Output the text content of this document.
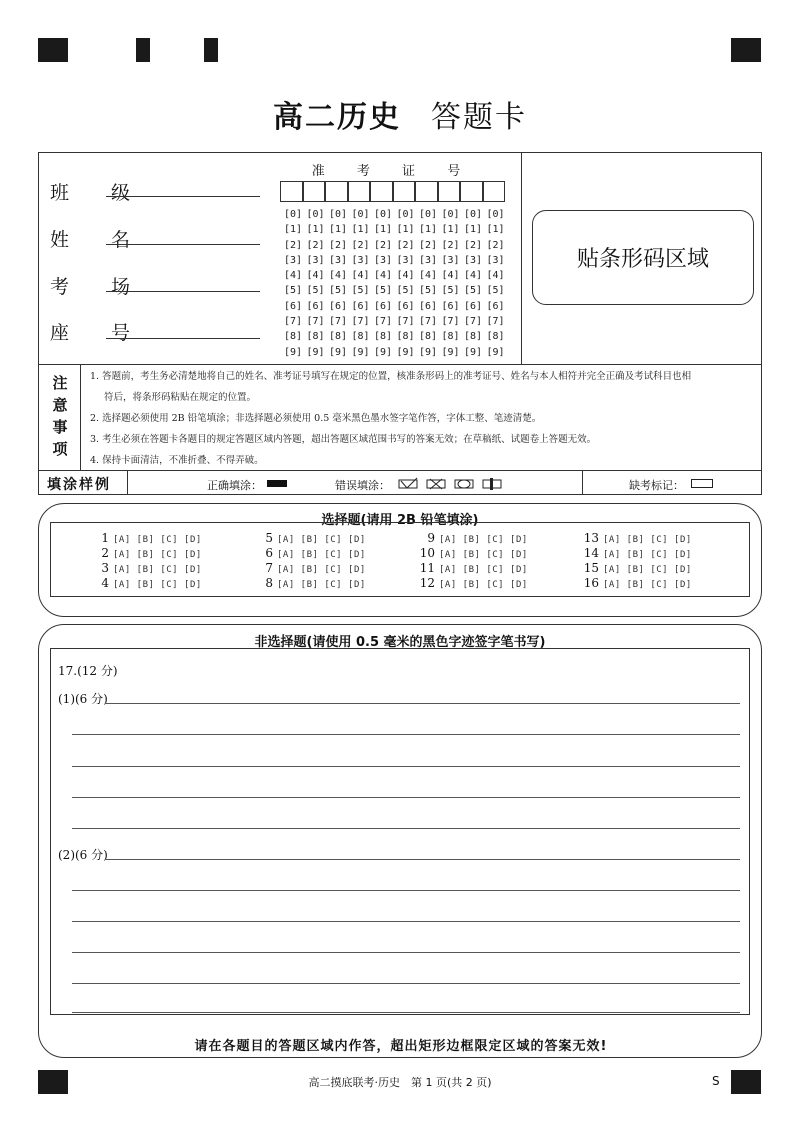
高二历史 答题卡
班 级
姓 名
考 场
座 号
准 考 证 号
[0] [0] [0] [0] [0] [0] [0] [0] [0] [0]
[1] [1] [1] [1] [1] [1] [1] [1] [1] [1]
[2] [2] [2] [2] [2] [2] [2] [2] [2] [2]
[3] [3] [3] [3] [3] [3] [3] [3] [3] [3]
[4] [4] [4] [4] [4] [4] [4] [4] [4] [4]
[5] [5] [5] [5] [5] [5] [5] [5] [5] [5]
[6] [6] [6] [6] [6] [6] [6] [6] [6] [6]
[7] [7] [7] [7] [7] [7] [7] [7] [7] [7]
[8] [8] [8] [8] [8] [8] [8] [8] [8] [8]
[9] [9] [9] [9] [9] [9] [9] [9] [9] [9]
贴条形码区域
注
意
事
项
1. 答题前，考生务必清楚地将自己的姓名、准考证号填写在规定的位置，核准条形码上的准考证号、姓名与本人相符并完全正确及考试科目也相
符后，将条形码粘贴在规定的位置。
2. 选择题必须使用 2B 铅笔填涂；非选择题必须使用 0.5 毫米黑色墨水签字笔作答，字体工整、笔迹清楚。
3. 考生必须在答题卡各题目的规定答题区域内答题，超出答题区域范围书写的答案无效；在草稿纸、试题卷上答题无效。
4. 保持卡面清洁，不准折叠、不得弄破。
填涂样例	正确填涂：	错误填涂：	缺考标记：
选择题(请用 2B 铅笔填涂)
1 [A] [B] [C] [D]
2 [A] [B] [C] [D]
3 [A] [B] [C] [D]
4 [A] [B] [C] [D]
5 [A] [B] [C] [D]
6 [A] [B] [C] [D]
7 [A] [B] [C] [D]
8 [A] [B] [C] [D]
9 [A] [B] [C] [D]
10 [A] [B] [C] [D]
11 [A] [B] [C] [D]
12 [A] [B] [C] [D]
13 [A] [B] [C] [D]
14 [A] [B] [C] [D]
15 [A] [B] [C] [D]
16 [A] [B] [C] [D]
非选择题(请使用 0.5 毫米的黑色字迹签字笔书写)
请在各题目的答题区域内作答，超出矩形边框限定区域的答案无效!
17.(12 分)
(1)(6 分)
(2)(6 分)
高二摸底联考·历史　第 1 页(共 2 页)	S
